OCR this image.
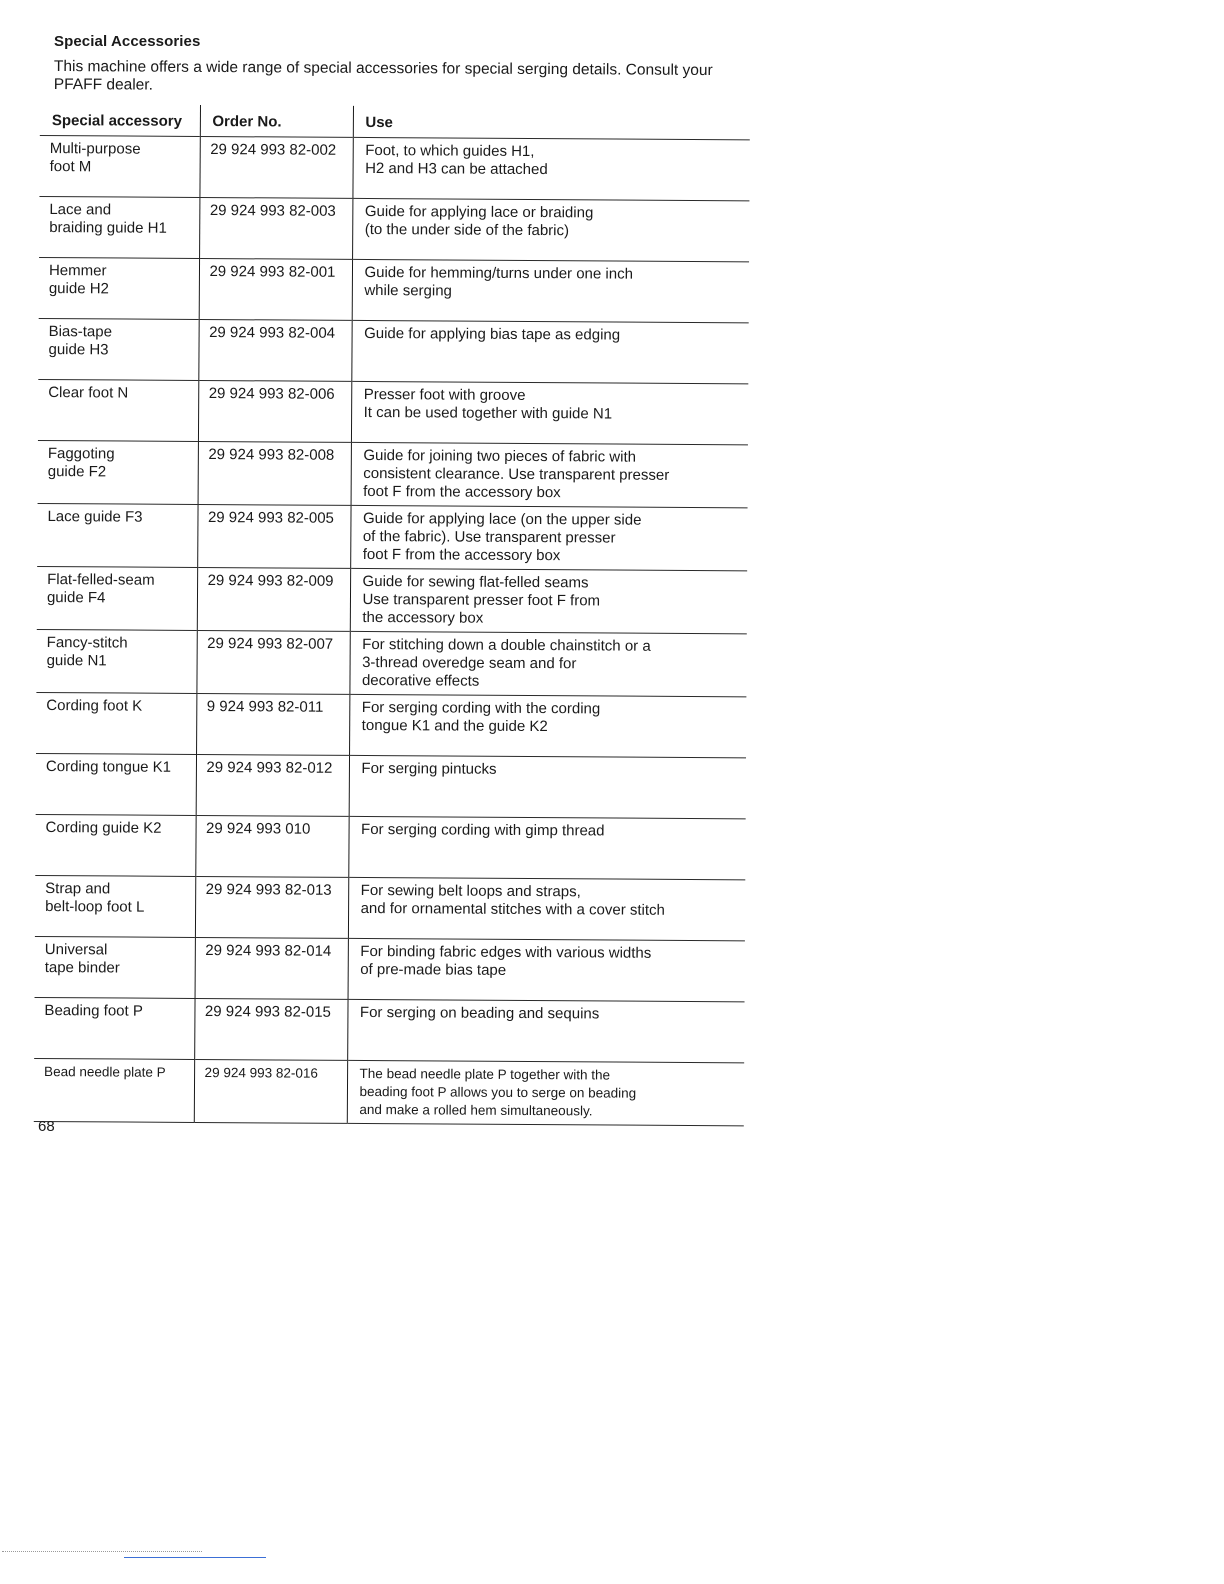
Special Accessories
This machine offers a wide range of special accessories for special serging details. Consult your PFAFF dealer.
Special accessory	Order No.	Use
Multi-purpose
foot M	29 924 993 82-002	Foot, to which guides H1,
H2 and H3 can be attached
Lace and
braiding guide H1	29 924 993 82-003	Guide for applying lace or braiding
(to the under side of the fabric)
Hemmer
guide H2	29 924 993 82-001	Guide for hemming/turns under one inch
while serging
Bias-tape
guide H3	29 924 993 82-004	Guide for applying bias tape as edging
Clear foot N	29 924 993 82-006	Presser foot with groove
It can be used together with guide N1
Faggoting
guide F2	29 924 993 82-008	Guide for joining two pieces of fabric with
consistent clearance. Use transparent presser
foot F from the accessory box
Lace guide F3	29 924 993 82-005	Guide for applying lace (on the upper side
of the fabric). Use transparent presser
foot F from the accessory box
Flat-felled-seam
guide F4	29 924 993 82-009	Guide for sewing flat-felled seams
Use transparent presser foot F from
the accessory box
Fancy-stitch
guide N1	29 924 993 82-007	For stitching down a double chainstitch or a
3-thread overedge seam and for
decorative effects
Cording foot K	9 924 993 82-011	For serging cording with the cording
tongue K1 and the guide K2
Cording tongue K1	29 924 993 82-012	For serging pintucks
Cording guide K2	29 924 993 010	For serging cording with gimp thread
Strap and
belt-loop foot L	29 924 993 82-013	For sewing belt loops and straps,
and for ornamental stitches with a cover stitch
Universal
tape binder	29 924 993 82-014	For binding fabric edges with various widths
of pre-made bias tape
Beading foot P	29 924 993 82-015	For serging on beading and sequins
Bead needle plate P	29 924 993 82-016	The bead needle plate P together with the
beading foot P allows you to serge on beading
and make a rolled hem simultaneously.
68
